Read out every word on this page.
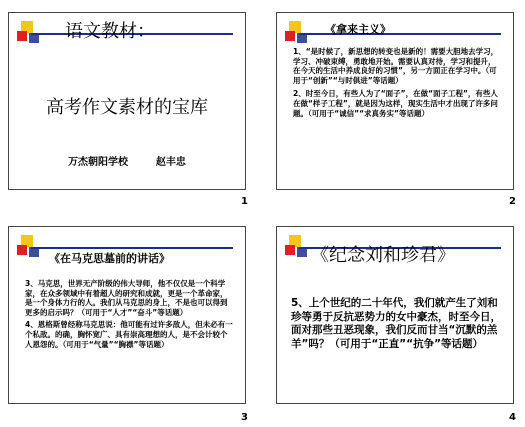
语文教材：
高考作文素材的宝库
万杰朝阳学校        赵丰忠
1
《拿来主义》
1、“是时候了，新思想的转变也是新的！需要大胆地去学习，学习、冲破束缚，勇敢地开始。需要认真对待，学习和提升，在今天的生活中养成良好的习惯”，另一方面正在学习中。（可用于“创新”“与时俱进”等话题）
2、时至今日，有些人为了“面子”，在做“面子工程”，有些人在做“样子工程”，就是因为这样，现实生活中才出现了许多问题。（可用于“诚信”“求真务实”等话题）
2
《在马克思墓前的讲话》
3、马克思，世界无产阶级的伟大导师，他不仅仅是一个科学家，在众多领域中有着超人的研究和成就，更是一个革命家，是一个身体力行的人。我们从马克思的身上，不是也可以得到更多的启示吗？（可用于“人才”“奋斗”等话题）
4、恩格斯曾经称马克思说：他可能有过许多敌人，但未必有一个私敌。的确，胸怀宽广、具有崇高理想的人，是不会计较个人恩怨的。（可用于“气量”“胸襟”等话题）
3
《纪念刘和珍君》
5、上个世纪的二十年代，我们就产生了刘和珍等勇于反抗恶势力的女中豪杰，时至今日，面对那些丑恶现象，我们反而甘当“沉默的羔羊”吗？（可用于“正直”“抗争”等话题）
4
